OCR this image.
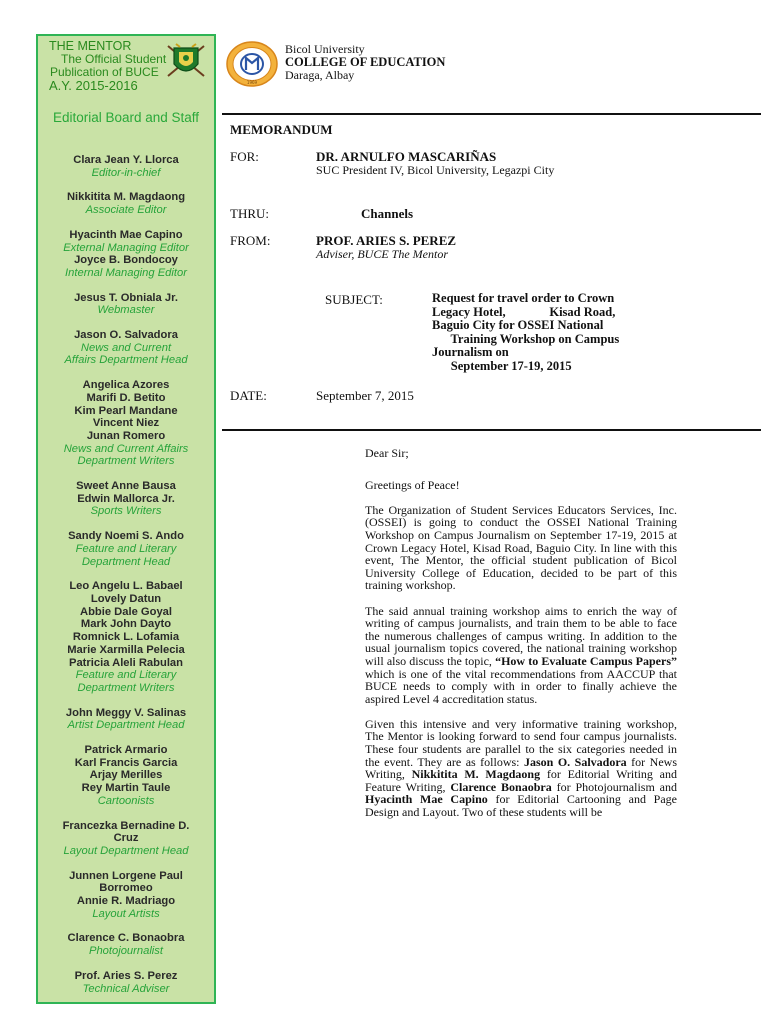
THE MENTOR
The Official Student
Publication of BUCE
A.Y. 2015-2016
Editorial Board and Staff
Clara Jean Y. Llorca
Editor-in-chief
Nikkitita M. Magdaong
Associate Editor
Hyacinth Mae Capino
External Managing Editor
Joyce B. Bondocoy
Internal Managing Editor
Jesus T. Obniala Jr.
Webmaster
Jason O. Salvadora
News and Current
Affairs Department Head
Angelica Azores
Marifi D. Betito
Kim Pearl Mandane
Vincent Niez
Junan Romero
News and Current Affairs
Department Writers
Sweet Anne Bausa
Edwin Mallorca Jr.
Sports Writers
Sandy Noemi S. Ando
Feature and Literary
Department Head
Leo Angelu L. Babael
Lovely Datun
Abbie Dale Goyal
Mark John Dayto
Romnick L. Lofamia
Marie Xarmilla Pelecia
Patricia Aleli Rabulan
Feature and Literary
Department Writers
John Meggy V. Salinas
Artist Department Head
Patrick Armario
Karl Francis Garcia
Arjay Merilles
Rey Martin Taule
Cartoonists
Francezka Bernadine D.
Cruz
Layout Department Head
Junnen Lorgene Paul
Borromeo
Annie R. Madriago
Layout Artists
Clarence C. Bonaobra
Photojournalist
Prof. Aries S. Perez
Technical Adviser
1969
Bicol University
COLLEGE OF EDUCATION
Daraga, Albay
MEMORANDUM
FOR:	DR. ARNULFO MASCARIÑAS
SUC President IV, Bicol University, Legazpi City
THRU:	Channels
FROM:	PROF. ARIES S. PEREZ
Adviser, BUCE The Mentor
SUBJECT:	Request for travel order to Crown
Legacy Hotel,              Kisad Road,
Baguio City for OSSEI National
Training Workshop on Campus
Journalism on
September 17-19, 2015
DATE:	September 7, 2015

Dear Sir;

Greetings of Peace!

The Organization of Student Services Educators Services, Inc. (OSSEI) is going to conduct the OSSEI National Training Workshop on Campus Journalism on September 17-19, 2015 at Crown Legacy Hotel, Kisad Road, Baguio City. In line with this event, The Mentor, the official student publication of Bicol University College of Education, decided to be part of this training workshop.

The said annual training workshop aims to enrich the way of writing of campus journalists, and train them to be able to face the numerous challenges of campus writing. In addition to the usual journalism topics covered, the national training workshop will also discuss the topic, “How to Evaluate Campus Papers” which is one of the vital recommendations from AACCUP that BUCE needs to comply with in order to finally achieve the aspired Level 4 accreditation status.

Given this intensive and very informative training workshop, The Mentor is looking forward to send four campus journalists. These four students are parallel to the six categories needed in the event. They are as follows: Jason O. Salvadora for News Writing, Nikkitita M. Magdaong for Editorial Writing and Feature Writing, Clarence Bonaobra for Photojournalism and Hyacinth Mae Capino for Editorial Cartooning and Page Design and Layout. Two of these students will be
